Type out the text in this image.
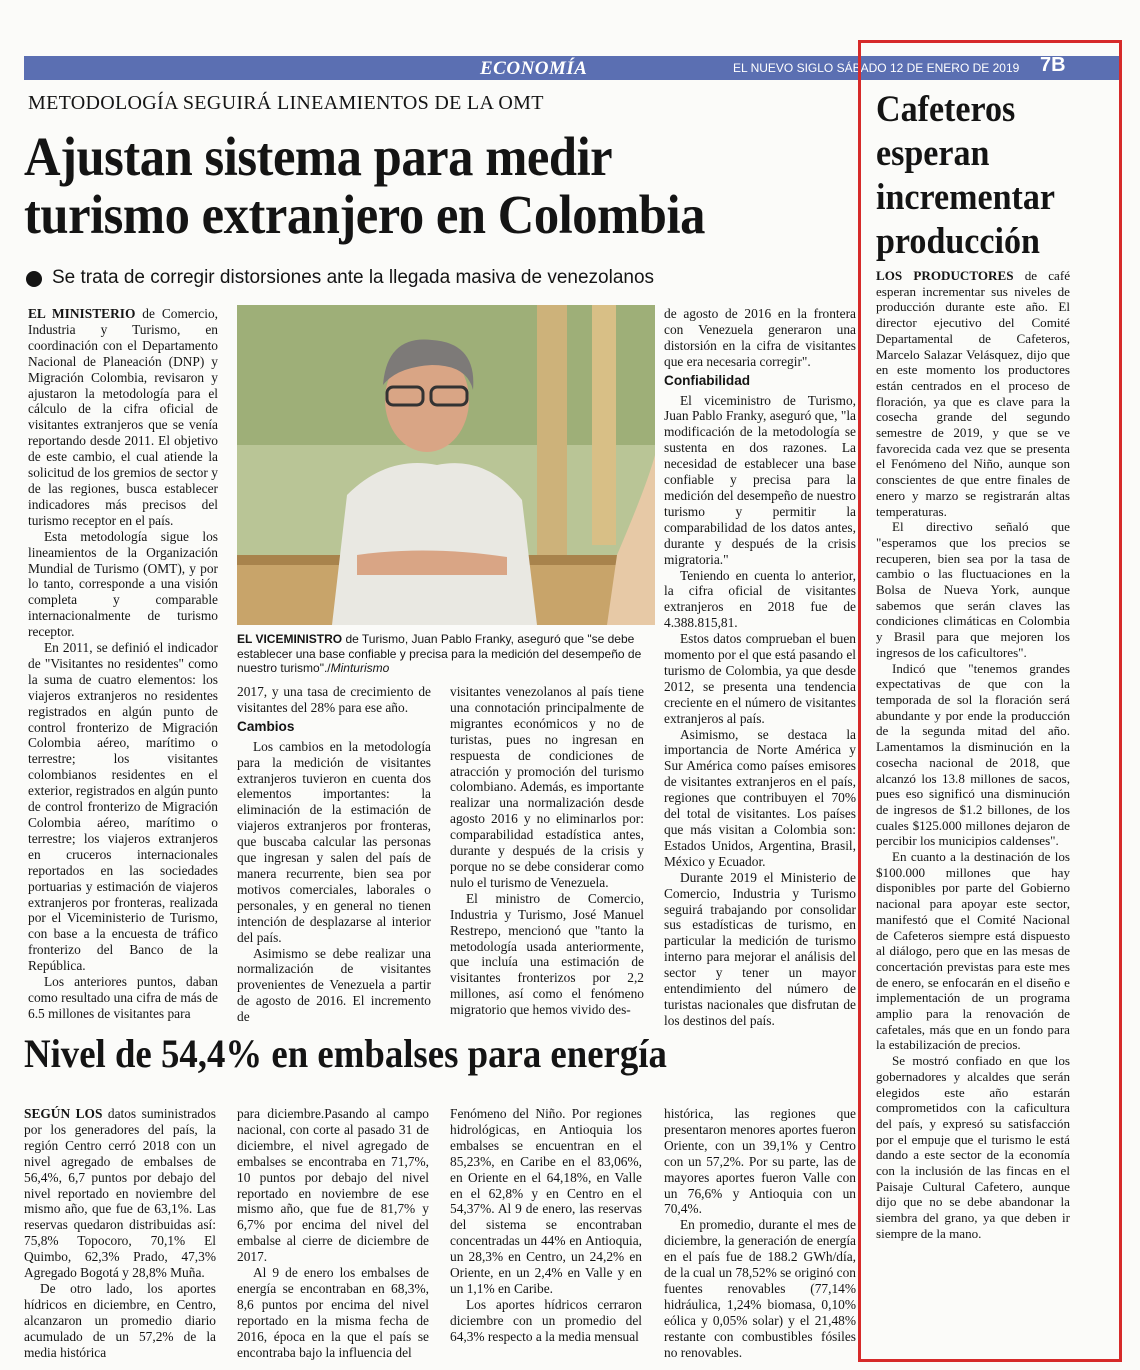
ECONOMÍA	EL NUEVO SIGLO SÁBADO 12 DE ENERO DE 2019 7B
METODOLOGÍA SEGUIRÁ LINEAMIENTOS DE LA OMT
Ajustan sistema para medir turismo extranjero en Colombia
Se trata de corregir distorsiones ante la llegada masiva de venezolanos

EL MINISTERIO de Comercio, Industria y Turismo, en coordinación con el Departamento Nacional de Planeación (DNP) y Migración Colombia, revisaron y ajustaron la metodología para el cálculo de la cifra oficial de visitantes extranjeros que se venía reportando desde 2011. El objetivo de este cambio, el cual atiende la solicitud de los gremios de sector y de las regiones, busca establecer indicadores más precisos del turismo receptor en el país.

Esta metodología sigue los lineamientos de la Organización Mundial de Turismo (OMT), y por lo tanto, corresponde a una visión completa y comparable internacionalmente de turismo receptor.

En 2011, se definió el indicador de "Visitantes no residentes" como la suma de cuatro elementos: los viajeros extranjeros no residentes registrados en algún punto de control fronterizo de Migración Colombia aéreo, marítimo o terrestre; los visitantes colombianos residentes en el exterior, registrados en algún punto de control fronterizo de Migración Colombia aéreo, marítimo o terrestre; los viajeros extranjeros en cruceros internacionales reportados en las sociedades portuarias y estimación de viajeros extranjeros por fronteras, realizada por el Viceministerio de Turismo, con base a la encuesta de tráfico fronterizo del Banco de la República.

Los anteriores puntos, daban como resultado una cifra de más de 6.5 millones de visitantes para

EL VICEMINISTRO de Turismo, Juan Pablo Franky, aseguró que "se debe establecer una base confiable y precisa para la medición del desempeño de nuestro turismo"./Minturismo

2017, y una tasa de crecimiento de visitantes del 28% para ese año.

Cambios

Los cambios en la metodología para la medición de visitantes extranjeros tuvieron en cuenta dos elementos importantes: la eliminación de la estimación de viajeros extranjeros por fronteras, que buscaba calcular las personas que ingresan y salen del país de manera recurrente, bien sea por motivos comerciales, laborales o personales, y en general no tienen intención de desplazarse al interior del país.

Asimismo se debe realizar una normalización de visitantes provenientes de Venezuela a partir de agosto de 2016. El incremento de

visitantes venezolanos al país tiene una connotación principalmente de migrantes económicos y no de turistas, pues no ingresan en respuesta de condiciones de atracción y promoción del turismo colombiano. Además, es importante realizar una normalización desde agosto 2016 y no eliminarlos por: comparabilidad estadística antes, durante y después de la crisis y porque no se debe considerar como nulo el turismo de Venezuela.

El ministro de Comercio, Industria y Turismo, José Manuel Restrepo, mencionó que "tanto la metodología usada anteriormente, que incluía una estimación de visitantes fronterizos por 2,2 millones, así como el fenómeno migratorio que hemos vivido des-

de agosto de 2016 en la frontera con Venezuela generaron una distorsión en la cifra de visitantes que era necesaria corregir".

Confiabilidad

El viceministro de Turismo, Juan Pablo Franky, aseguró que, "la modificación de la metodología se sustenta en dos razones. La necesidad de establecer una base confiable y precisa para la medición del desempeño de nuestro turismo y permitir la comparabilidad de los datos antes, durante y después de la crisis migratoria."

Teniendo en cuenta lo anterior, la cifra oficial de visitantes extranjeros en 2018 fue de 4.388.815,81.

Estos datos comprueban el buen momento por el que está pasando el turismo de Colombia, ya que desde 2012, se presenta una tendencia creciente en el número de visitantes extranjeros al país.

Asimismo, se destaca la importancia de Norte América y Sur América como países emisores de visitantes extranjeros en el país, regiones que contribuyen el 70% del total de visitantes. Los países que más visitan a Colombia son: Estados Unidos, Argentina, Brasil, México y Ecuador.

Durante 2019 el Ministerio de Comercio, Industria y Turismo seguirá trabajando por consolidar sus estadísticas de turismo, en particular la medición de turismo interno para mejorar el análisis del sector y tener un mayor entendimiento del número de turistas nacionales que disfrutan de los destinos del país.

Nivel de 54,4% en embalses para energía

SEGÚN LOS datos suministrados por los generadores del país, la región Centro cerró 2018 con un nivel agregado de embalses de 56,4%, 6,7 puntos por debajo del nivel reportado en noviembre del mismo año, que fue de 63,1%. Las reservas quedaron distribuidas así: 75,8% Topocoro, 70,1% El Quimbo, 62,3% Prado, 47,3% Agregado Bogotá y 28,8% Muña.

De otro lado, los aportes hídricos en diciembre, en Centro, alcanzaron un promedio diario acumulado de un 57,2% de la media histórica

para diciembre.Pasando al campo nacional, con corte al pasado 31 de diciembre, el nivel agregado de embalses se encontraba en 71,7%, 10 puntos por debajo del nivel reportado en noviembre de ese mismo año, que fue de 81,7% y 6,7% por encima del nivel del embalse al cierre de diciembre de 2017.

Al 9 de enero los embalses de energía se encontraban en 68,3%, 8,6 puntos por encima del nivel reportado en la misma fecha de 2016, época en la que el país se encontraba bajo la influencia del

Fenómeno del Niño. Por regiones hidrológicas, en Antioquia los embalses se encuentran en el 85,23%, en Caribe en el 83,06%, en Oriente en el 64,18%, en Valle en el 62,8% y en Centro en el 54,37%. Al 9 de enero, las reservas del sistema se encontraban concentradas un 44% en Antioquia, un 28,3% en Centro, un 24,2% en Oriente, en un 2,4% en Valle y en un 1,1% en Caribe.

Los aportes hídricos cerraron diciembre con un promedio del 64,3% respecto a la media mensual

histórica, las regiones que presentaron menores aportes fueron Oriente, con un 39,1% y Centro con un 57,2%. Por su parte, las de mayores aportes fueron Valle con un 76,6% y Antioquia con un 70,4%.

En promedio, durante el mes de diciembre, la generación de energía en el país fue de 188.2 GWh/día, de la cual un 78,52% se originó con fuentes renovables (77,14% hidráulica, 1,24% biomasa, 0,10% eólica y 0,05% solar) y el 21,48% restante con combustibles fósiles no renovables.

Cafeteros esperan incrementar producción

LOS PRODUCTORES de café esperan incrementar sus niveles de producción durante este año. El director ejecutivo del Comité Departamental de Cafeteros, Marcelo Salazar Velásquez, dijo que en este momento los productores están centrados en el proceso de floración, ya que es clave para la cosecha grande del segundo semestre de 2019, y que se ve favorecida cada vez que se presenta el Fenómeno del Niño, aunque son conscientes de que entre finales de enero y marzo se registrarán altas temperaturas.

El directivo señaló que "esperamos que los precios se recuperen, bien sea por la tasa de cambio o las fluctuaciones en la Bolsa de Nueva York, aunque sabemos que serán claves las condiciones climáticas en Colombia y Brasil para que mejoren los ingresos de los caficultores".

Indicó que "tenemos grandes expectativas de que con la temporada de sol la floración será abundante y por ende la producción de la segunda mitad del año. Lamentamos la disminución en la cosecha nacional de 2018, que alcanzó los 13.8 millones de sacos, pues eso significó una disminución de ingresos de $1.2 billones, de los cuales $125.000 millones dejaron de percibir los municipios caldenses".

En cuanto a la destinación de los $100.000 millones que hay disponibles por parte del Gobierno nacional para apoyar este sector, manifestó que el Comité Nacional de Cafeteros siempre está dispuesto al diálogo, pero que en las mesas de concertación previstas para este mes de enero, se enfocarán en el diseño e implementación de un programa amplio para la renovación de cafetales, más que en un fondo para la estabilización de precios.

Se mostró confiado en que los gobernadores y alcaldes que serán elegidos este año estarán comprometidos con la caficultura del país, y expresó su satisfacción por el empuje que el turismo le está dando a este sector de la economía con la inclusión de las fincas en el Paisaje Cultural Cafetero, aunque dijo que no se debe abandonar la siembra del grano, ya que deben ir siempre de la mano.
